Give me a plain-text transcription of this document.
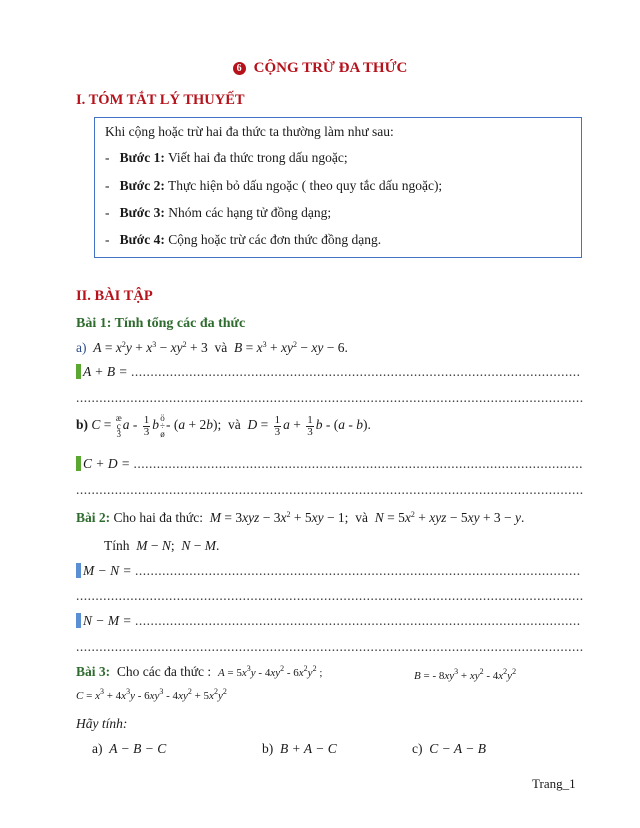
6 CỘNG TRỪ ĐA THỨC
I. TÓM TẮT LÝ THUYẾT
Khi cộng hoặc trừ hai đa thức ta thường làm như sau:
- Bước 1: Viết hai đa thức trong dấu ngoặc;
- Bước 2: Thực hiện bỏ dấu ngoặc ( theo quy tắc dấu ngoặc);
- Bước 3: Nhóm các hạng tử đồng dạng;
- Bước 4: Cộng hoặc trừ các đơn thức đồng dạng.
II. BÀI TẬP
Bài 1: Tính tổng các đa thức
a) $A = x^2y + x^3 - xy^2 + 3$  và $B = x^3 + xy^2$ − xy − 6.
A + B = ....................................................................................................................
...................................................................................................................................
b) C = æ
ç
3
a - $\frac{1}{3}$ b ö
÷
ø
- (a + 2b);  và $D = \frac{1}{3}$ $a + \frac{1}{3}$ b - (a - b).
C + D = ....................................................................................................................
...................................................................................................................................
Bài 2: Cho hai đa thức: $M = 3xyz - 3x^2 + 5xy - 1$;  và $N = 5x^2$ + xyz − 5xy + 3 − y.
Tính M − N;  N − M.
M − N = ...................................................................................................................
...................................................................................................................................
N − M = ...................................................................................................................
...................................................................................................................................
Bài 3: Cho các đa thức : $A = 5x^3y - 4xy^2 - 6x^2y^2$ ;	B = - $8xy^3 + xy^2 - 4x^2y^2$
$C = x^3 + 4x^3y - 6xy^3 - 4xy^2 + 5x^2y^2$
Hãy tính:
a) A − B − C	b) B + A − C	c) C − A − B
Trang_1
